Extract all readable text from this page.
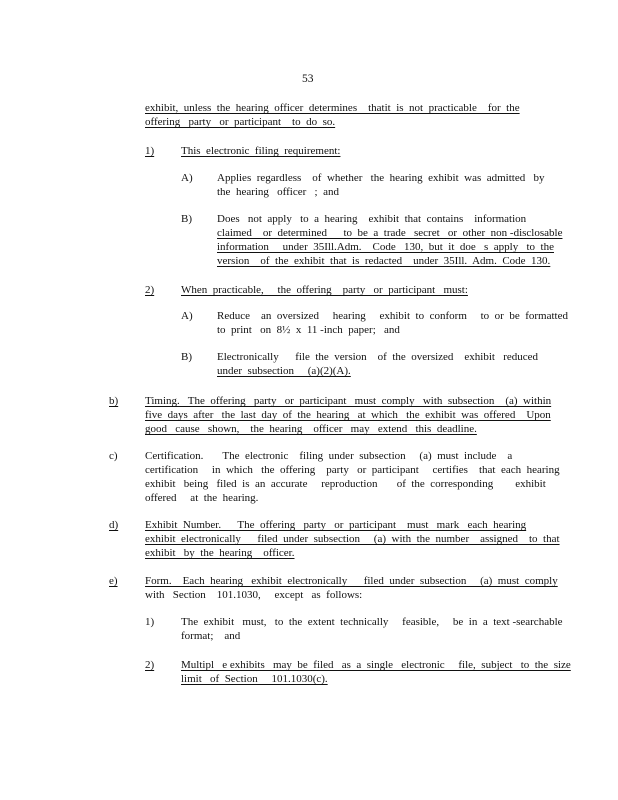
53
exhibit,  unless  the  hearing  officer  determines    thatit  is  not  practicable    for  the
offering   party   or  participant    to  do  so.
1) This  electronic  filing  requirement:
A) Applies  regardless    of  whether   the  hearing  exhibit  was  admitted   by
the  hearing   officer   ;  and
B) Does   not  apply   to  a  hearing    exhibit  that  contains    information
claimed    or  determined      to  be  a  trade   secret   or  other  non -disclosable
information     under  35Ill.Adm.    Code   130,  but  it  doe   s  apply   to  the
version    of  the  exhibit  that  is  redacted    under  35Ill.  Adm.  Code  130.
2) When  practicable,     the  offering    party   or  participant   must:
A) Reduce    an  oversized     hearing     exhibit  to  conform     to  or  be  formatted
to  print   on  8½  x  11 -inch  paper;   and
B) Electronically      file  the  version    of  the  oversized    exhibit   reduced
under  subsection     (a)(2)(A).
b) Timing.   The  offering   party   or  participant   must  comply   with  subsection    (a)  within
five  days  after   the  last  day  of  the  hearing   at  which   the  exhibit  was  offered    Upon
good   cause   shown,    the  hearing    officer   may   extend   this  deadline.
c) Certification.       The  electronic    filing  under  subsection     (a)  must  include    a
certification     in  which   the  offering    party   or  participant     certifies    that  each  hearing
exhibit   being   filed  is  an  accurate     reproduction       of  the  corresponding        exhibit
offered     at  the  hearing.
d) Exhibit  Number.      The  offering   party   or  participant    must   mark   each  hearing
exhibit  electronically      filed  under  subsection     (a)  with  the  number    assigned    to  that
exhibit   by  the  hearing    officer.
e) Form.    Each  hearing   exhibit  electronically      filed  under  subsection     (a)  must  comply
with   Section    101.1030,     except   as  follows:
1) The  exhibit   must,   to  the  extent  technically     feasible,     be  in  a  text -searchable
format;    and
2) Multipl   e exhibits   may  be  filed   as  a  single   electronic     file,  subject   to  the  size
limit   of  Section     101.1030(c).
